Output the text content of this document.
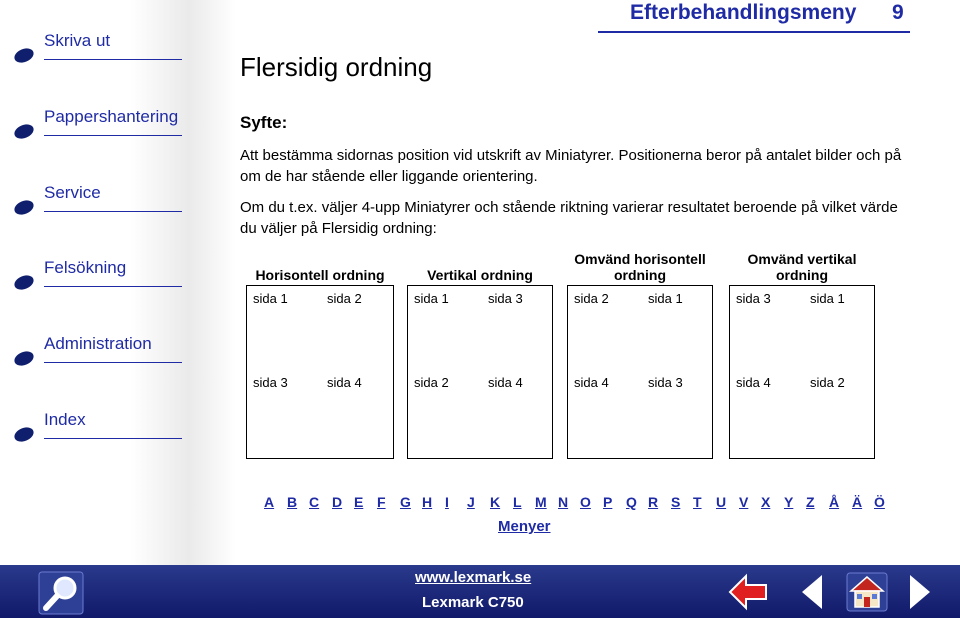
Skriva ut
Pappershantering
Service
Felsökning
Administration
Index
Efterbehandlingsmeny 9
Flersidig ordning
Syfte:
Att bestämma sidornas position vid utskrift av Miniatyrer. Positionerna beror på antalet bilder och på om de har stående eller liggande orientering.
Om du t.ex. väljer 4-upp Miniatyrer och stående riktning varierar resultatet beroende på vilket värde du väljer på Flersidig ordning:
Horisontell ordning
sida 1	sida 2
sida 3	sida 4
Vertikal ordning
sida 1	sida 3
sida 2	sida 4
Omvänd horisontell ordning
sida 2	sida 1
sida 4	sida 3
Omvänd vertikal ordning
sida 3	sida 1
sida 4	sida 2
A B C D E F G H I J K L M N O P Q R S T U V X Y Z Å Ä Ö
Menyer
www.lexmark.se
Lexmark C750
